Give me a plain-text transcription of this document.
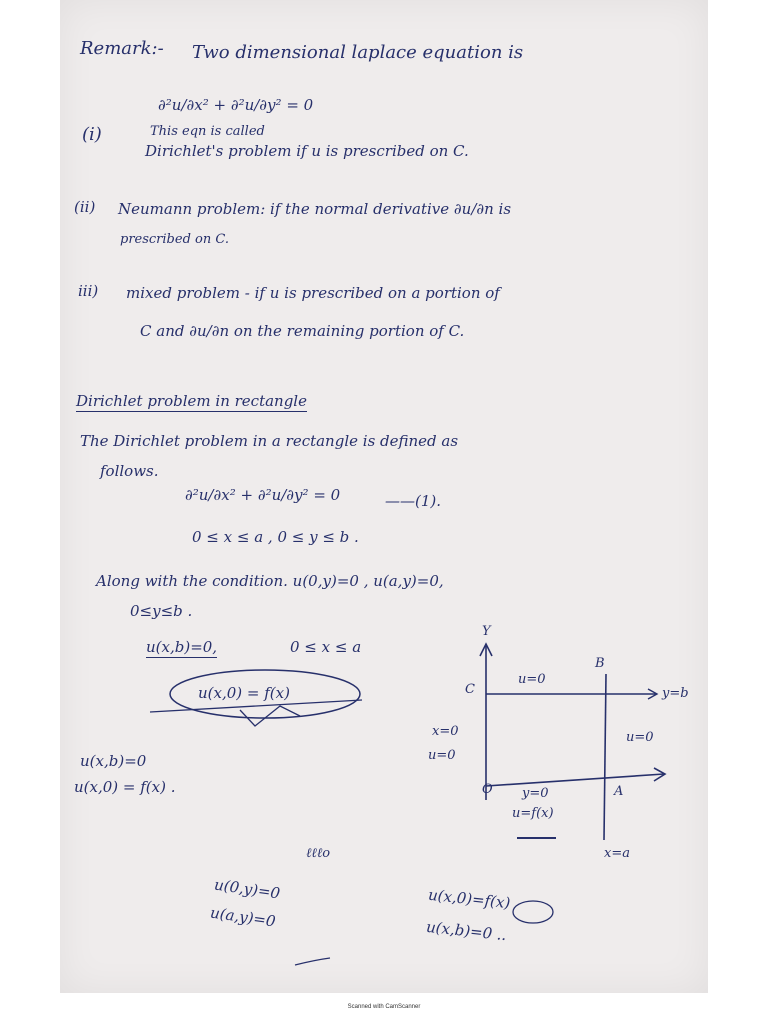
Remark:- Two dimensional laplace equation is
(i)
∂²u/∂x² + ∂²u/∂y² = 0
This eqn is called
Dirichlet's problem if u is prescribed on C.
(ii) Neumann problem: if the normal derivative ∂u/∂n is
prescribed on C.
iii) mixed problem - if u is prescribed on a portion of
C and ∂u/∂n on the remaining portion of C.
Dirichlet problem in rectangle
The Dirichlet problem in a rectangle is defined as
follows.
∂²u/∂x² + ∂²u/∂y² = 0	——(1).
0 ≤ x ≤ a , 0 ≤ y ≤ b .
Along with the condition. u(0,y)=0 , u(a,y)=0,
0≤y≤b .
u(x,b)=0,	0 ≤ x ≤ a
u(x,0) = f(x)
u(x,b)=0
u(x,0) = f(x) .
Y
C
B
u=0
y=b
x=0
u=0
u=0
O y=0	A
u=f(x)
x=a
ℓℓℓo
u(0,y)=0
u(a,y)=0
u(x,0)=f(x)
u(x,b)=0 ..
Scanned with CamScanner
